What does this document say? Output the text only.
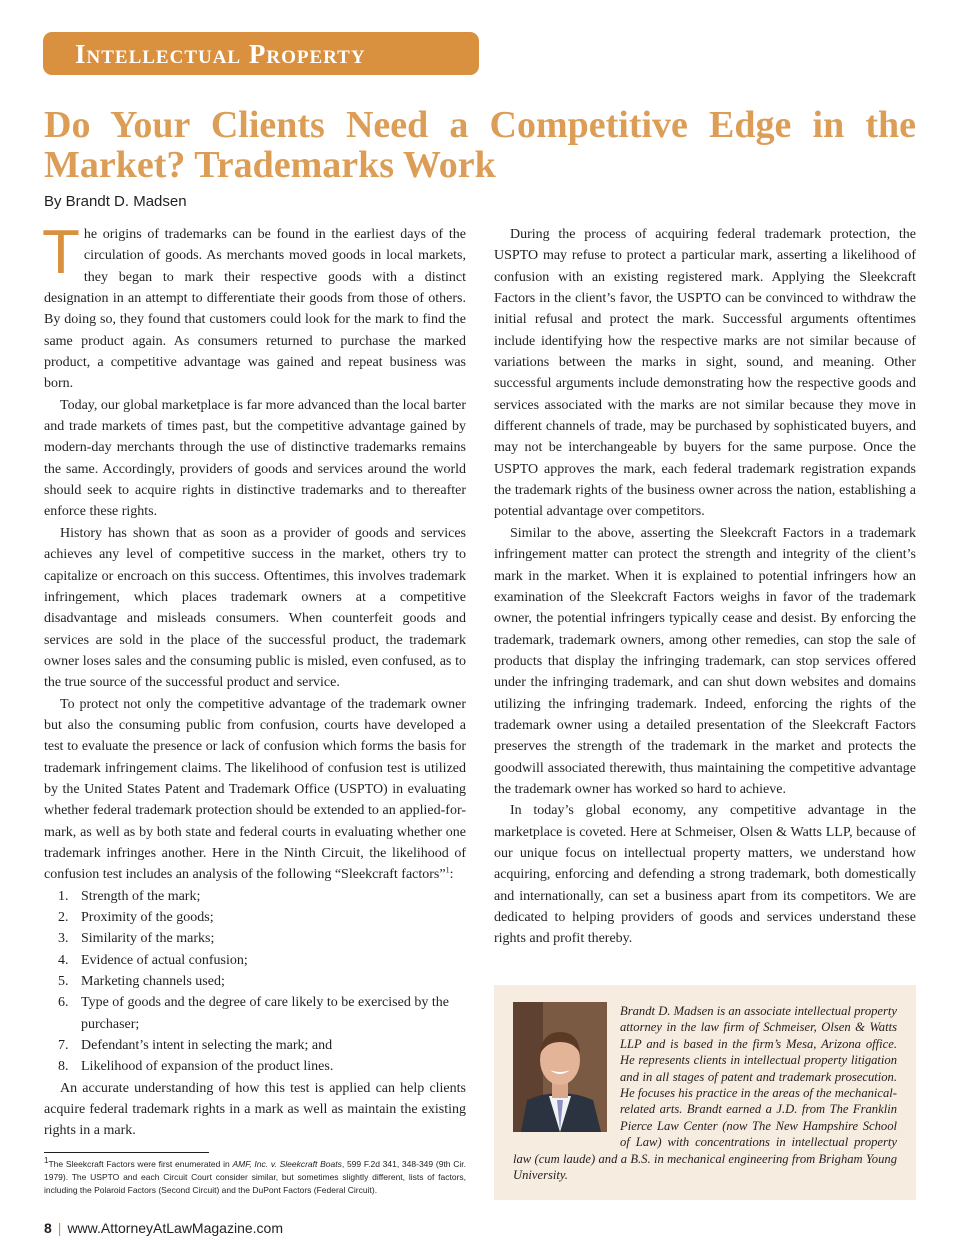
Intellectual Property
Do Your Clients Need a Competitive Edge in the Market? Trademarks Work

By Brandt D. Madsen

The origins of trademarks can be found in the earliest days of the circulation of goods. As merchants moved goods in local markets, they began to mark their respective goods with a distinct designation in an attempt to differentiate their goods from those of others. By doing so, they found that customers could look for the mark to find the same product again. As consumers returned to purchase the marked product, a competitive advantage was gained and repeat business was born.

Today, our global marketplace is far more advanced than the local barter and trade markets of times past, but the competitive advantage gained by modern-day merchants through the use of distinctive trademarks remains the same. Accordingly, providers of goods and services around the world should seek to acquire rights in distinctive trademarks and to thereafter enforce these rights.

History has shown that as soon as a provider of goods and services achieves any level of competitive success in the market, others try to capitalize or encroach on this success. Oftentimes, this involves trademark infringement, which places trademark owners at a competitive disadvantage and misleads consumers. When counterfeit goods and services are sold in the place of the successful product, the trademark owner loses sales and the consuming public is misled, even confused, as to the true source of the successful product and service.

To protect not only the competitive advantage of the trademark owner but also the consuming public from confusion, courts have developed a test to evaluate the presence or lack of confusion which forms the basis for trademark infringement claims. The likelihood of confusion test is utilized by the United States Patent and Trademark Office (USPTO) in evaluating whether federal trademark protection should be extended to an applied-for-mark, as well as by both state and federal courts in evaluating whether one trademark infringes another. Here in the Ninth Circuit, the likelihood of confusion test includes an analysis of the following “Sleekcraft factors”$^1$:

1. Strength of the mark;
2. Proximity of the goods;
3. Similarity of the marks;
4. Evidence of actual confusion;
5. Marketing channels used;
6. Type of goods and the degree of care likely to be exercised by the purchaser;
7. Defendant’s intent in selecting the mark; and
8. Likelihood of expansion of the product lines.

An accurate understanding of how this test is applied can help clients acquire federal trademark rights in a mark as well as maintain the existing rights in a mark.

During the process of acquiring federal trademark protection, the USPTO may refuse to protect a particular mark, asserting a likelihood of confusion with an existing registered mark. Applying the Sleekcraft Factors in the client’s favor, the USPTO can be convinced to withdraw the initial refusal and protect the mark. Successful arguments oftentimes include identifying how the respective marks are not similar because of variations between the marks in sight, sound, and meaning. Other successful arguments include demonstrating how the respective goods and services associated with the marks are not similar because they move in different channels of trade, may be purchased by sophisticated buyers, and may not be interchangeable by buyers for the same purpose. Once the USPTO approves the mark, each federal trademark registration expands the trademark rights of the business owner across the nation, establishing a potential advantage over competitors.

Similar to the above, asserting the Sleekcraft Factors in a trademark infringement matter can protect the strength and integrity of the client’s mark in the market. When it is explained to potential infringers how an examination of the Sleekcraft Factors weighs in favor of the trademark owner, the potential infringers typically cease and desist. By enforcing the trademark, trademark owners, among other remedies, can stop the sale of products that display the infringing trademark, can stop services offered under the infringing trademark, and can shut down websites and domains utilizing the infringing trademark. Indeed, enforcing the rights of the trademark owner using a detailed presentation of the Sleekcraft Factors preserves the strength of the trademark in the market and protects the goodwill associated therewith, thus maintaining the competitive advantage the trademark owner has worked so hard to achieve.

In today’s global economy, any competitive advantage in the marketplace is coveted. Here at Schmeiser, Olsen & Watts LLP, because of our unique focus on intellectual property matters, we understand how acquiring, enforcing and defending a strong trademark, both domestically and internationally, can set a business apart from its competitors. We are dedicated to helping providers of goods and services understand these rights and profit thereby.

$^1$The Sleekcraft Factors were first enumerated in AMF, Inc. v. Sleekcraft Boats, 599 F.2d 341, 348-349 (9th Cir. 1979). The USPTO and each Circuit Court consider similar, but sometimes slightly different, lists of factors, including the Polaroid Factors (Second Circuit) and the DuPont Factors (Federal Circuit).

Brandt D. Madsen is an associate intellectual property attorney in the law firm of Schmeiser, Olsen & Watts LLP and is based in the firm’s Mesa, Arizona office. He represents clients in intellectual property litigation and in all stages of patent and trademark prosecution. He focuses his practice in the areas of the mechanical-related arts. Brandt earned a J.D. from The Franklin Pierce Law Center (now The New Hampshire School of Law) with concentrations in intellectual property law (cum laude) and a B.S. in mechanical engineering from Brigham Young University.

8 | www.AttorneyAtLawMagazine.com
